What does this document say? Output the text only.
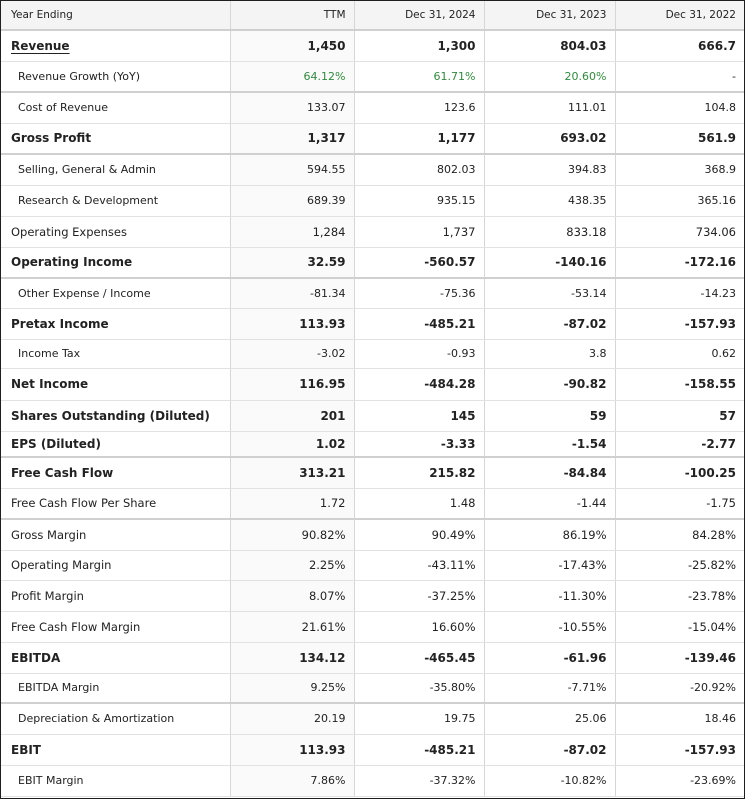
Year Ending	TTM	Dec 31, 2024	Dec 31, 2023	Dec 31, 2022
Revenue	1,450	1,300	804.03	666.7
Revenue Growth (YoY)	64.12%	61.71%	20.60%	-
Cost of Revenue	133.07	123.6	111.01	104.8
Gross Profit	1,317	1,177	693.02	561.9
Selling, General & Admin	594.55	802.03	394.83	368.9
Research & Development	689.39	935.15	438.35	365.16
Operating Expenses	1,284	1,737	833.18	734.06
Operating Income	32.59	-560.57	-140.16	-172.16
Other Expense / Income	-81.34	-75.36	-53.14	-14.23
Pretax Income	113.93	-485.21	-87.02	-157.93
Income Tax	-3.02	-0.93	3.8	0.62
Net Income	116.95	-484.28	-90.82	-158.55
Shares Outstanding (Diluted)	201	145	59	57
EPS (Diluted)	1.02	-3.33	-1.54	-2.77
Free Cash Flow	313.21	215.82	-84.84	-100.25
Free Cash Flow Per Share	1.72	1.48	-1.44	-1.75
Gross Margin	90.82%	90.49%	86.19%	84.28%
Operating Margin	2.25%	-43.11%	-17.43%	-25.82%
Profit Margin	8.07%	-37.25%	-11.30%	-23.78%
Free Cash Flow Margin	21.61%	16.60%	-10.55%	-15.04%
EBITDA	134.12	-465.45	-61.96	-139.46
EBITDA Margin	9.25%	-35.80%	-7.71%	-20.92%
Depreciation & Amortization	20.19	19.75	25.06	18.46
EBIT	113.93	-485.21	-87.02	-157.93
EBIT Margin	7.86%	-37.32%	-10.82%	-23.69%
